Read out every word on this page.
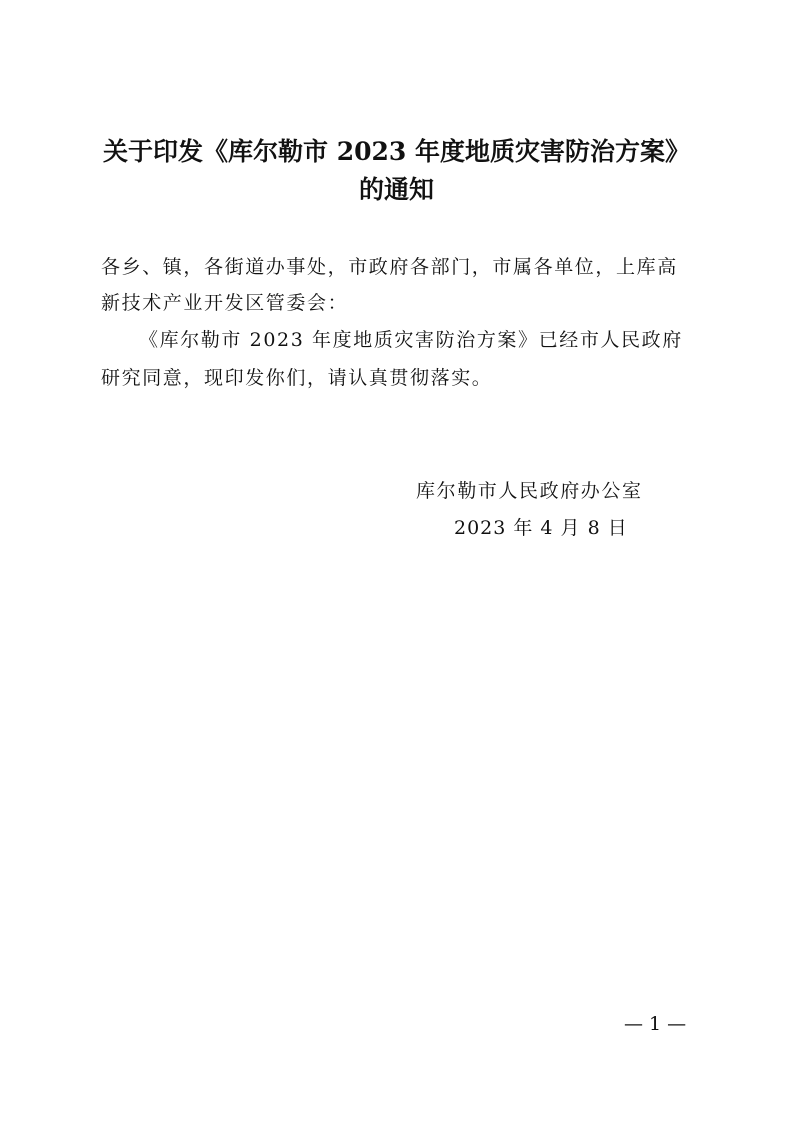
关于印发《库尔勒市 2023 年度地质灾害防治方案》
的通知
各乡、镇，各街道办事处，市政府各部门，市属各单位，上库高
新技术产业开发区管委会：
《库尔勒市 2023 年度地质灾害防治方案》已经市人民政府
研究同意，现印发你们，请认真贯彻落实。
库尔勒市人民政府办公室
2023 年 4 月 8 日
— 1 —
